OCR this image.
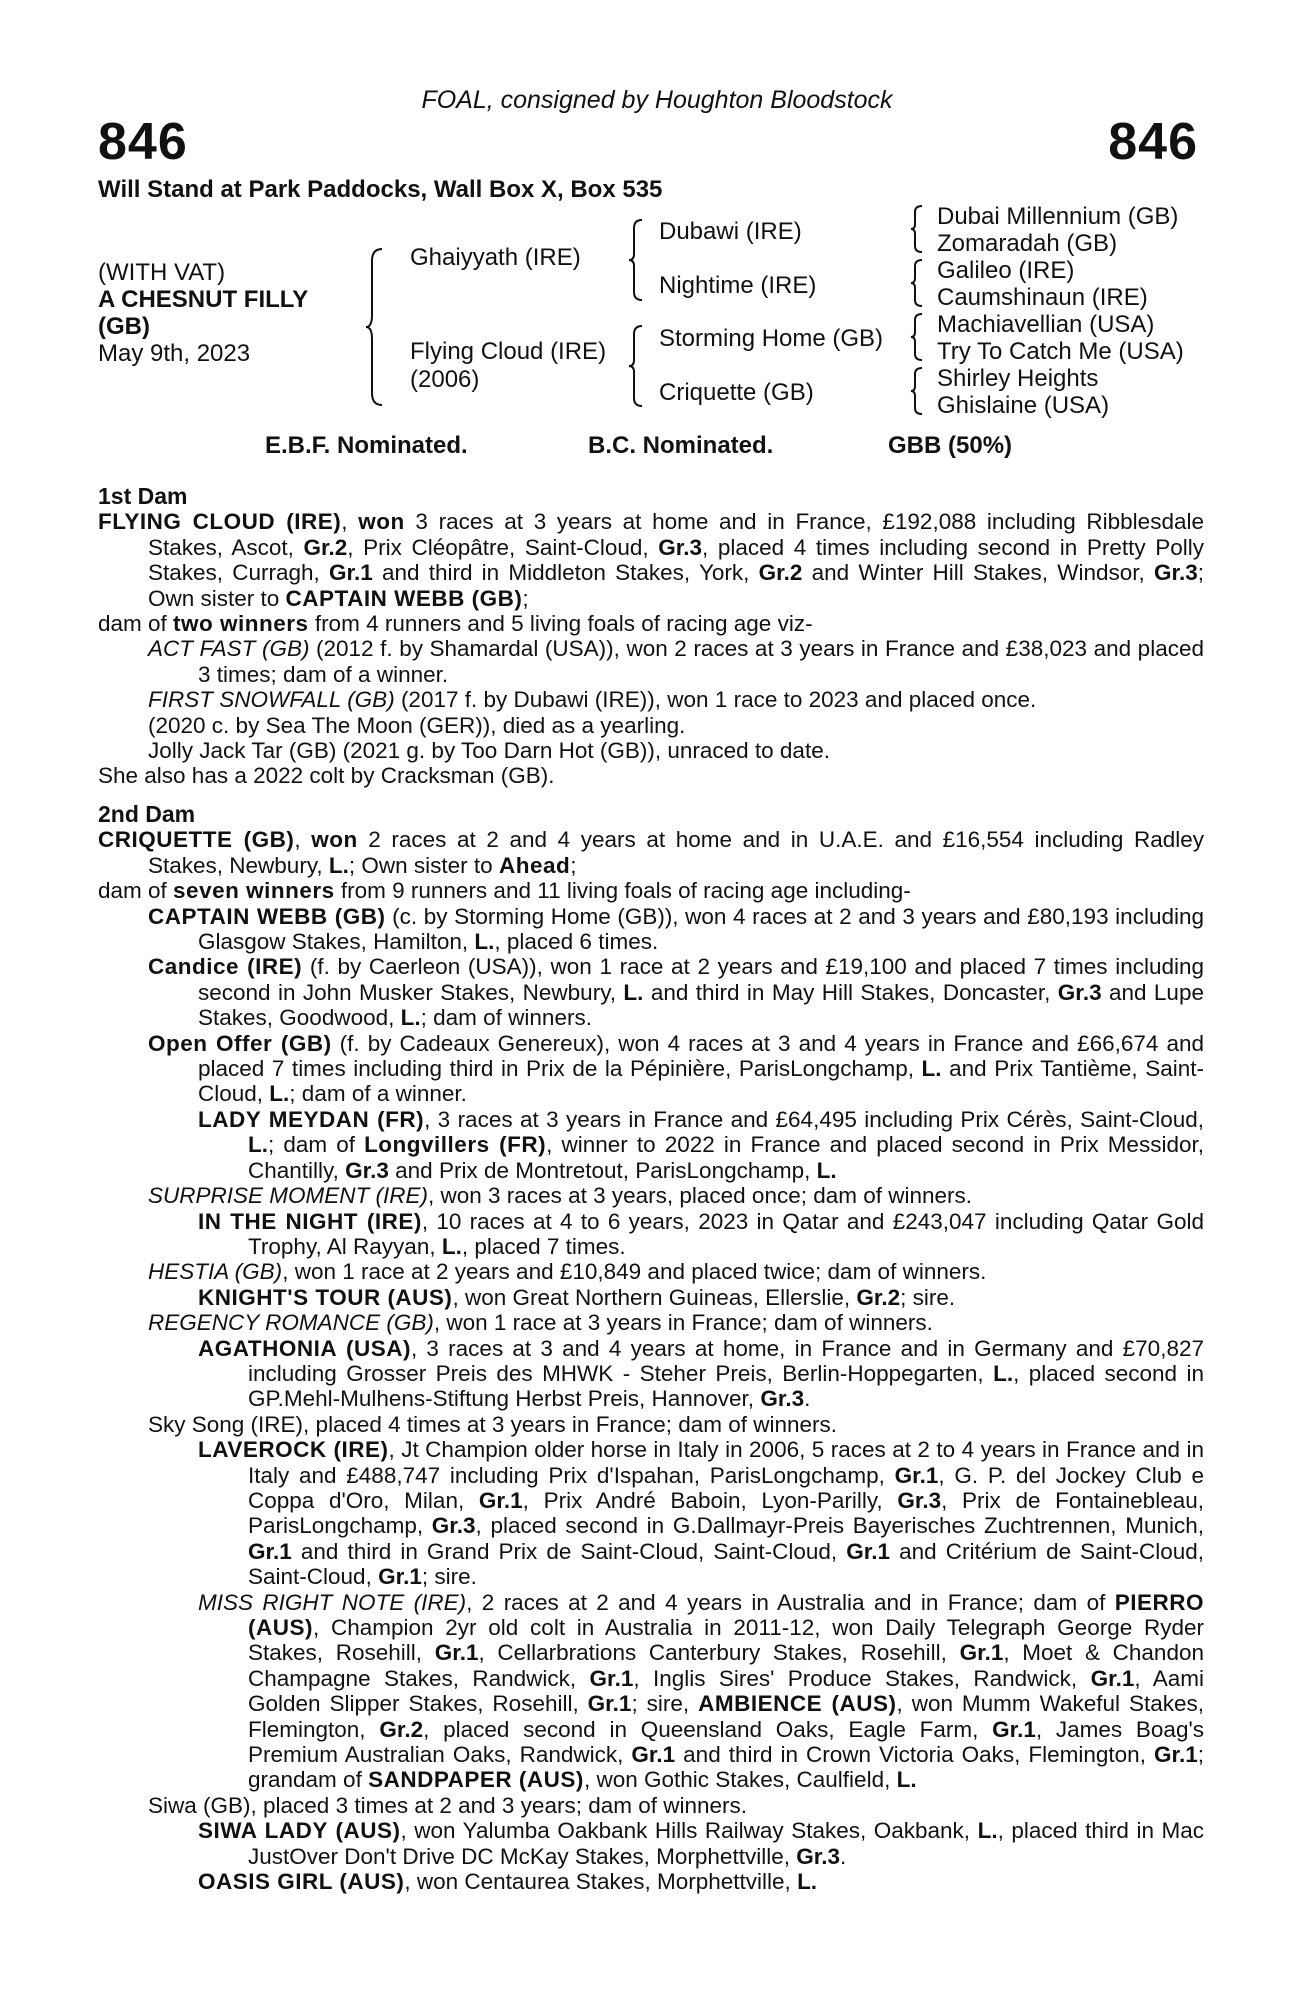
FOAL, consigned by Houghton Bloodstock
846	846
Will Stand at Park Paddocks, Wall Box X, Box 535
(WITH VAT)
A CHESNUT FILLY
(GB)
May 9th, 2023
Ghaiyyath (IRE)
Flying Cloud (IRE)
(2006)
Dubawi (IRE)
Nightime (IRE)
Storming Home (GB)
Criquette (GB)
Dubai Millennium (GB)
Zomaradah (GB)
Galileo (IRE)
Caumshinaun (IRE)
Machiavellian (USA)
Try To Catch Me (USA)
Shirley Heights
Ghislaine (USA)
E.B.F. Nominated.	B.C. Nominated.	GBB (50%)

1st Dam

FLYING CLOUD (IRE), won 3 races at 3 years at home and in France, £192,088 including Ribblesdale Stakes, Ascot, Gr.2, Prix Cléopâtre, Saint-Cloud, Gr.3, placed 4 times including second in Pretty Polly Stakes, Curragh, Gr.1 and third in Middleton Stakes, York, Gr.2 and Winter Hill Stakes, Windsor, Gr.3; Own sister to CAPTAIN WEBB (GB);

dam of two winners from 4 runners and 5 living foals of racing age viz-

ACT FAST (GB) (2012 f. by Shamardal (USA)), won 2 races at 3 years in France and £38,023 and placed 3 times; dam of a winner.

FIRST SNOWFALL (GB) (2017 f. by Dubawi (IRE)), won 1 race to 2023 and placed once.

(2020 c. by Sea The Moon (GER)), died as a yearling.

Jolly Jack Tar (GB) (2021 g. by Too Darn Hot (GB)), unraced to date.

She also has a 2022 colt by Cracksman (GB).

2nd Dam

CRIQUETTE (GB), won 2 races at 2 and 4 years at home and in U.A.E. and £16,554 including Radley Stakes, Newbury, L.; Own sister to Ahead;

dam of seven winners from 9 runners and 11 living foals of racing age including-

CAPTAIN WEBB (GB) (c. by Storming Home (GB)), won 4 races at 2 and 3 years and £80,193 including Glasgow Stakes, Hamilton, L., placed 6 times.

Candice (IRE) (f. by Caerleon (USA)), won 1 race at 2 years and £19,100 and placed 7 times including second in John Musker Stakes, Newbury, L. and third in May Hill Stakes, Doncaster, Gr.3 and Lupe Stakes, Goodwood, L.; dam of winners.

Open Offer (GB) (f. by Cadeaux Genereux), won 4 races at 3 and 4 years in France and £66,674 and placed 7 times including third in Prix de la Pépinière, ParisLongchamp, L. and Prix Tantième, Saint-Cloud, L.; dam of a winner.

LADY MEYDAN (FR), 3 races at 3 years in France and £64,495 including Prix Cérès, Saint-Cloud, L.; dam of Longvillers (FR), winner to 2022 in France and placed second in Prix Messidor, Chantilly, Gr.3 and Prix de Montretout, ParisLongchamp, L.

SURPRISE MOMENT (IRE), won 3 races at 3 years, placed once; dam of winners.

IN THE NIGHT (IRE), 10 races at 4 to 6 years, 2023 in Qatar and £243,047 including Qatar Gold Trophy, Al Rayyan, L., placed 7 times.

HESTIA (GB), won 1 race at 2 years and £10,849 and placed twice; dam of winners.

KNIGHT'S TOUR (AUS), won Great Northern Guineas, Ellerslie, Gr.2; sire.

REGENCY ROMANCE (GB), won 1 race at 3 years in France; dam of winners.

AGATHONIA (USA), 3 races at 3 and 4 years at home, in France and in Germany and £70,827 including Grosser Preis des MHWK - Steher Preis, Berlin-Hoppegarten, L., placed second in GP.Mehl-Mulhens-Stiftung Herbst Preis, Hannover, Gr.3.

Sky Song (IRE), placed 4 times at 3 years in France; dam of winners.

LAVEROCK (IRE), Jt Champion older horse in Italy in 2006, 5 races at 2 to 4 years in France and in Italy and £488,747 including Prix d'Ispahan, ParisLongchamp, Gr.1, G. P. del Jockey Club e Coppa d'Oro, Milan, Gr.1, Prix André Baboin, Lyon-Parilly, Gr.3, Prix de Fontainebleau, ParisLongchamp, Gr.3, placed second in G.Dallmayr-Preis Bayerisches Zuchtrennen, Munich, Gr.1 and third in Grand Prix de Saint-Cloud, Saint-Cloud, Gr.1 and Critérium de Saint-Cloud, Saint-Cloud, Gr.1; sire.

MISS RIGHT NOTE (IRE), 2 races at 2 and 4 years in Australia and in France; dam of PIERRO (AUS), Champion 2yr old colt in Australia in 2011-12, won Daily Telegraph George Ryder Stakes, Rosehill, Gr.1, Cellarbrations Canterbury Stakes, Rosehill, Gr.1, Moet & Chandon Champagne Stakes, Randwick, Gr.1, Inglis Sires' Produce Stakes, Randwick, Gr.1, Aami Golden Slipper Stakes, Rosehill, Gr.1; sire, AMBIENCE (AUS), won Mumm Wakeful Stakes, Flemington, Gr.2, placed second in Queensland Oaks, Eagle Farm, Gr.1, James Boag's Premium Australian Oaks, Randwick, Gr.1 and third in Crown Victoria Oaks, Flemington, Gr.1; grandam of SANDPAPER (AUS), won Gothic Stakes, Caulfield, L.

Siwa (GB), placed 3 times at 2 and 3 years; dam of winners.

SIWA LADY (AUS), won Yalumba Oakbank Hills Railway Stakes, Oakbank, L., placed third in Mac JustOver Don't Drive DC McKay Stakes, Morphettville, Gr.3.

OASIS GIRL (AUS), won Centaurea Stakes, Morphettville, L.
